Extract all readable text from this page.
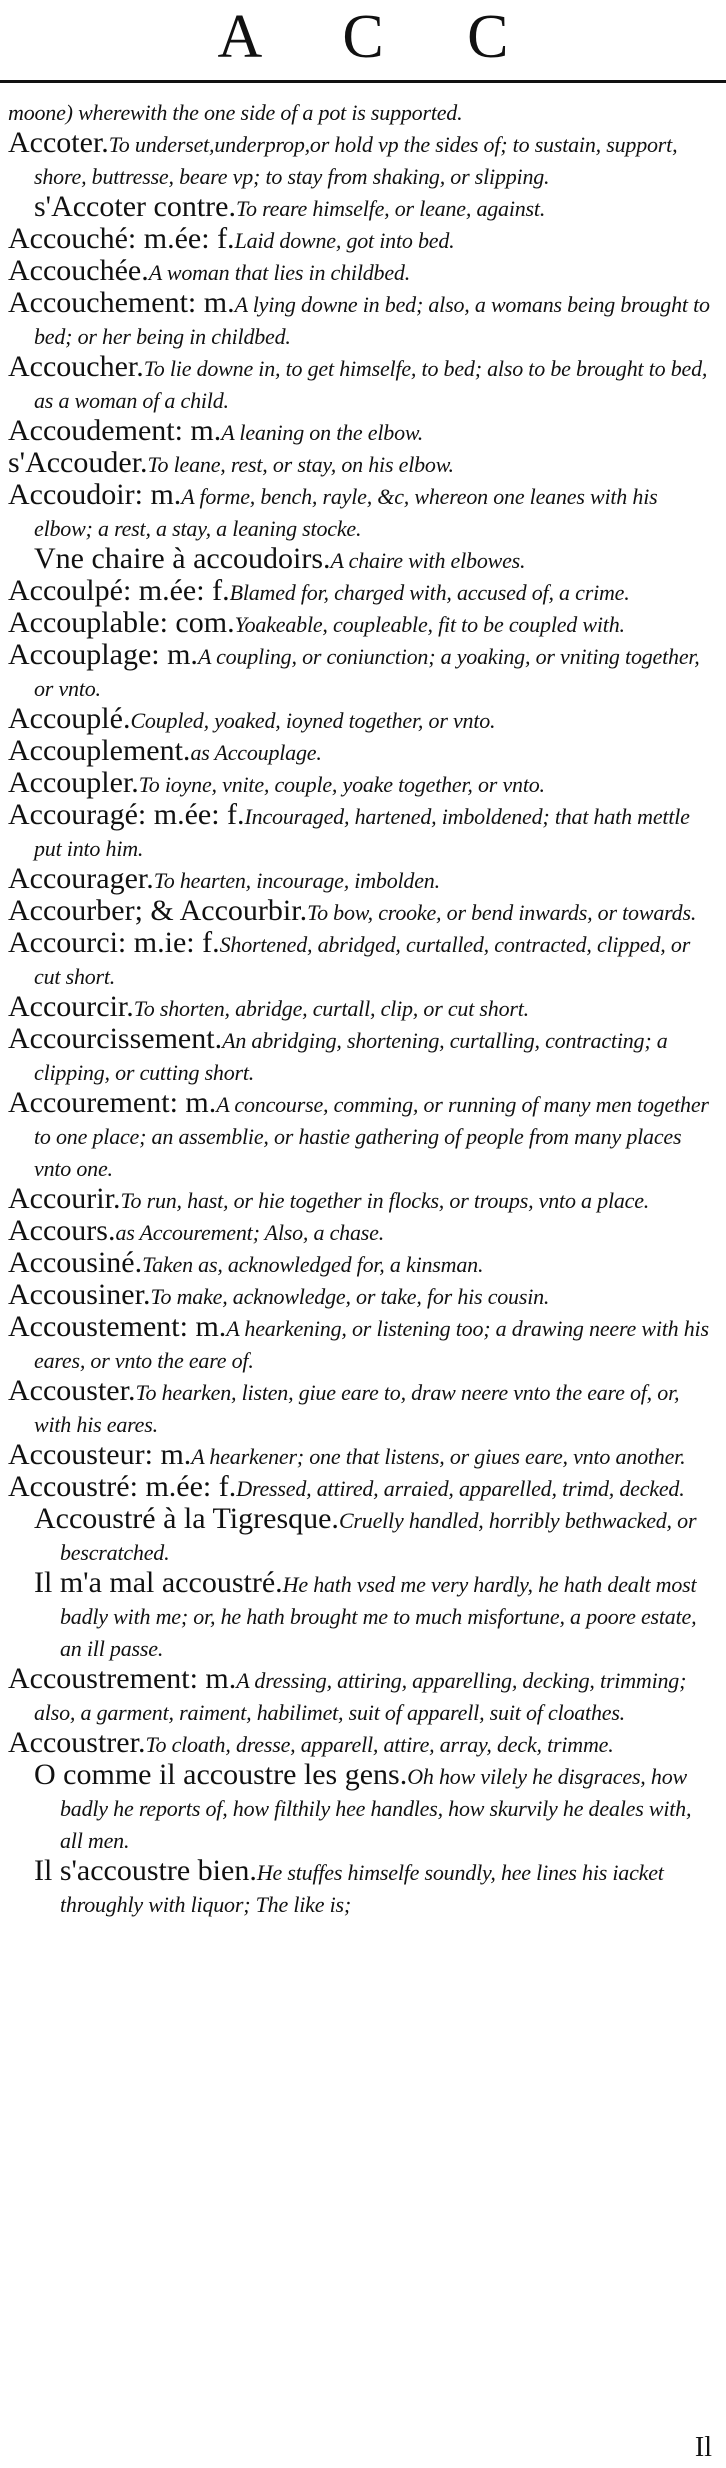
A C C

moone) wherewith the one side of a pot is supported.

Accoter.To underset,underprop,or hold vp the sides of; to sustain, support, shore, buttresse, beare vp; to stay from shaking, or slipping.

s'Accoter contre.To reare himselfe, or leane, against.

Accouché: m.ée: f.Laid downe, got into bed.

Accouchée.A woman that lies in childbed.

Accouchement: m.A lying downe in bed; also, a womans being brought to bed; or her being in childbed.

Accoucher.To lie downe in, to get himselfe, to bed; also to be brought to bed, as a woman of a child.

Accoudement: m.A leaning on the elbow.

s'Accouder.To leane, rest, or stay, on his elbow.

Accoudoir: m.A forme, bench, rayle, &c, whereon one leanes with his elbow; a rest, a stay, a leaning stocke.

Vne chaire à accoudoirs.A chaire with elbowes.

Accoulpé: m.ée: f.Blamed for, charged with, accused of, a crime.

Accouplable: com.Yoakeable, coupleable, fit to be coupled with.

Accouplage: m.A coupling, or coniunction; a yoaking, or vniting together, or vnto.

Accouplé.Coupled, yoaked, ioyned together, or vnto.

Accouplement.as Accouplage.

Accoupler.To ioyne, vnite, couple, yoake together, or vnto.

Accouragé: m.ée: f.Incouraged, hartened, imboldened; that hath mettle put into him.

Accourager.To hearten, incourage, imbolden.

Accourber; & Accourbir.To bow, crooke, or bend inwards, or towards.

Accourci: m.ie: f.Shortened, abridged, curtalled, contracted, clipped, or cut short.

Accourcir.To shorten, abridge, curtall, clip, or cut short.

Accourcissement.An abridging, shortening, curtalling, contracting; a clipping, or cutting short.

Accourement: m.A concourse, comming, or running of many men together to one place; an assemblie, or hastie gathering of people from many places vnto one.

Accourir.To run, hast, or hie together in flocks, or troups, vnto a place.

Accours.as Accourement; Also, a chase.

Accousiné.Taken as, acknowledged for, a kinsman.

Accousiner.To make, acknowledge, or take, for his cousin.

Accoustement: m.A hearkening, or listening too; a drawing neere with his eares, or vnto the eare of.

Accouster.To hearken, listen, giue eare to, draw neere vnto the eare of, or, with his eares.

Accousteur: m.A hearkener; one that listens, or giues eare, vnto another.

Accoustré: m.ée: f.Dressed, attired, arraied, apparelled, trimd, decked.

Accoustré à la Tigresque.Cruelly handled, horribly bethwacked, or bescratched.

Il m'a mal accoustré.He hath vsed me very hardly, he hath dealt most badly with me; or, he hath brought me to much misfortune, a poore estate, an ill passe.

Accoustrement: m.A dressing, attiring, apparelling, decking, trimming; also, a garment, raiment, habilimet, suit of apparell, suit of cloathes.

Accoustrer.To cloath, dresse, apparell, attire, array, deck, trimme.

O comme il accoustre les gens.Oh how vilely he disgraces, how badly he reports of, how filthily hee handles, how skurvily he deales with, all men.

Il s'accoustre bien.He stuffes himselfe soundly, hee lines his iacket throughly with liquor; The like is;

Il
